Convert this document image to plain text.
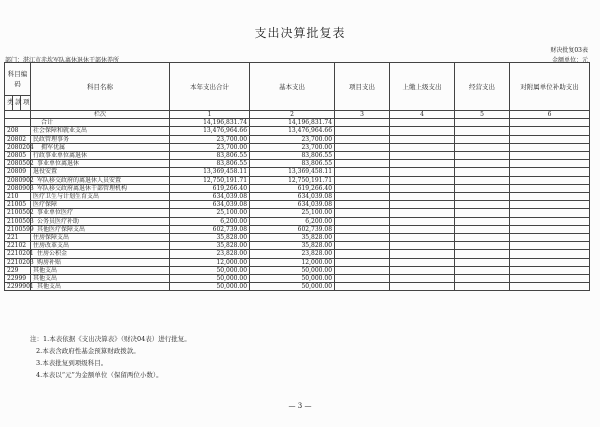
支出决算批复表
财决批复03表
部门：湛江市赤坎军队离休退休干部休养所	金额单位：元
科目编码			科目名称	本年支出合计	基本支出	项目支出	上缴上级支出	经营支出	对附属单位补助支出
类	款	项							
			栏次	1	2	3	4	5	6
			合计	14,196,831.74	14,196,831.74				
208			社会保障和就业支出	13,476,964.66	13,476,964.66				
20802			民政管理事务	23,700.00	23,700.00				
2080204			拥军优属	23,700.00	23,700.00				
20805			行政事业单位离退休	83,806.55	83,806.55				
2080502			事业单位离退休	83,806.55	83,806.55				
20809			退役安置	13,369,458.11	13,369,458.11				
2080902			军队移交政府的离退休人员安置	12,750,191.71	12,750,191.71				
2080903			军队移交政府离退休干部管理机构	619,266.40	619,266.40				
210			医疗卫生与计划生育支出	634,039.08	634,039.08				
21005			医疗保障	634,039.08	634,039.08				
2100502			事业单位医疗	25,100.00	25,100.00				
2100503			公务员医疗补助	6,200.00	6,200.00				
2100599			其他医疗保障支出	602,739.08	602,739.08				
221			住房保障支出	35,828.00	35,828.00				
22102			住房改革支出	35,828.00	35,828.00				
2210201			住房公积金	23,828.00	23,828.00				
2210203			购房补贴	12,000.00	12,000.00				
229			其他支出	50,000.00	50,000.00				
22999			其他支出	50,000.00	50,000.00				
2299901			其他支出	50,000.00	50,000.00				
注：1.本表依据《支出决算表》（财决04表）进行批复。
2.本表含政府性基金预算财政拨款。
3.本表批复到项级科目。
4.本表以“元”为金额单位（保留两位小数）。
— 3 —
